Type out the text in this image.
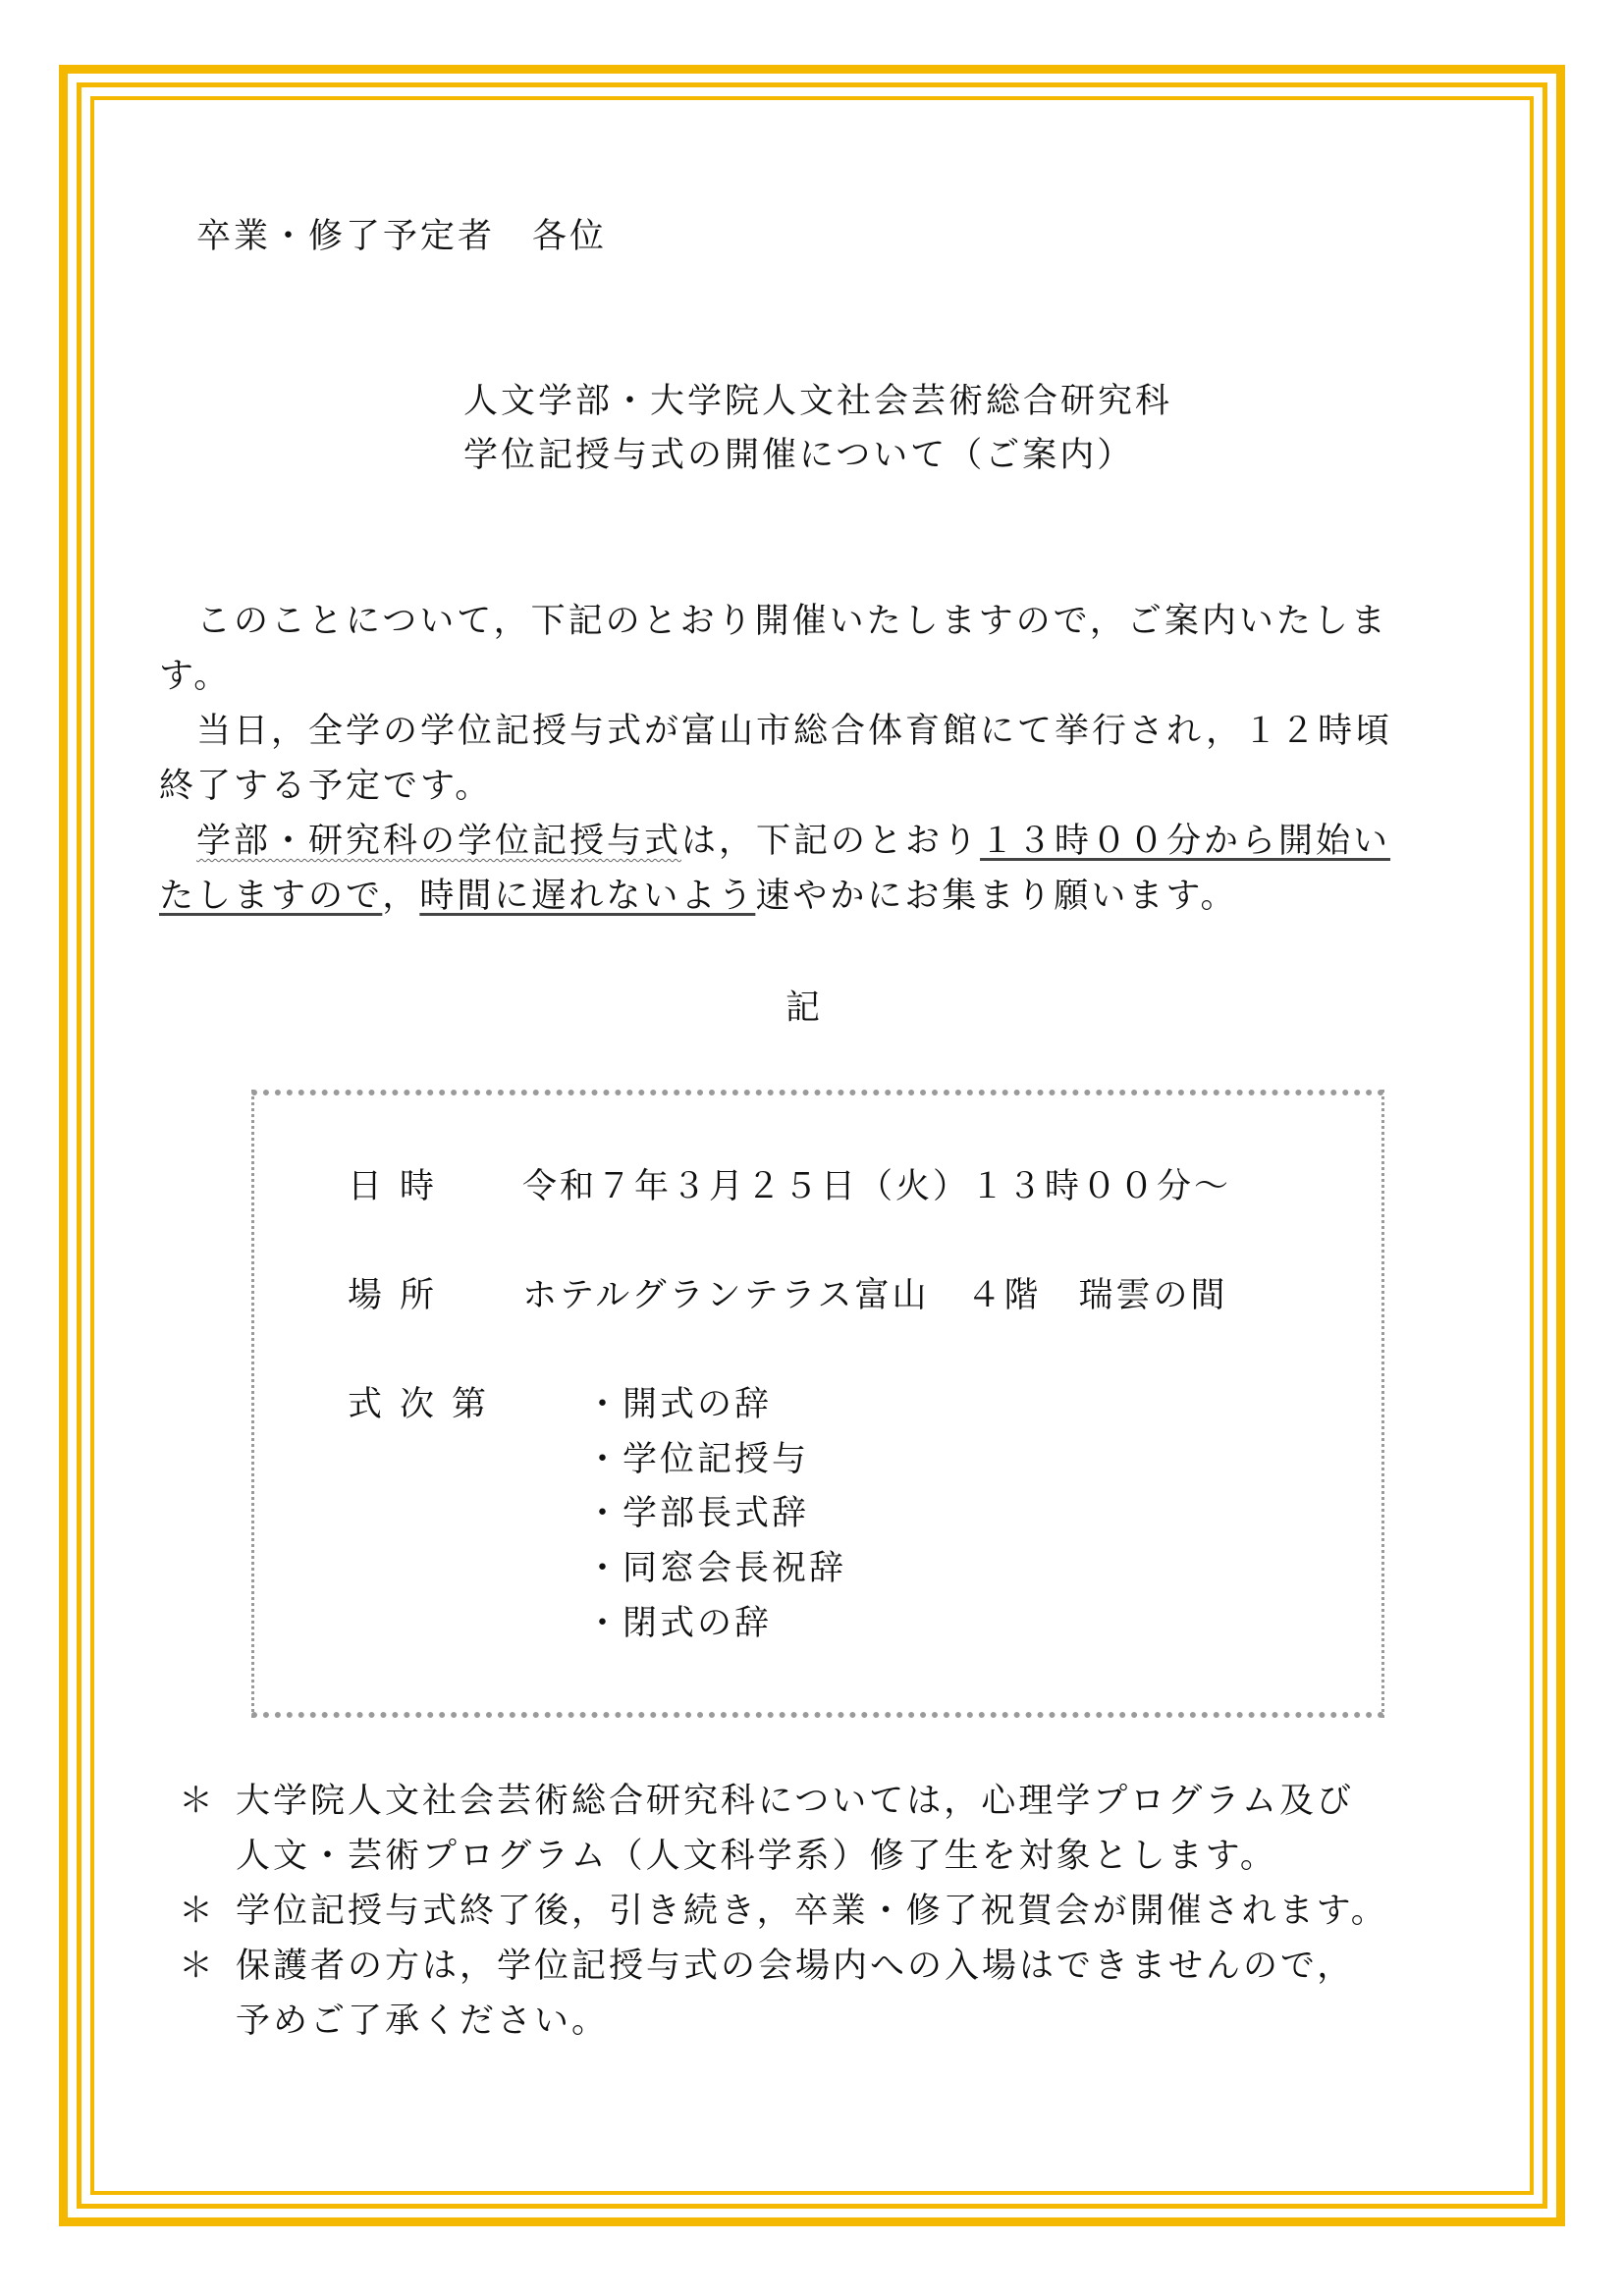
卒業・修了予定者　各位
人文学部・大学院人文社会芸術総合研究科
学位記授与式の開催について（ご案内）
このことについて，下記のとおり開催いたしますので，ご案内いたしま
す。
当日，全学の学位記授与式が富山市総合体育館にて挙行され，１２時頃
終了する予定です。
学部・研究科の学位記授与式は，下記のとおり１３時００分から開始い
たしますので，時間に遅れないよう速やかにお集まり願います。
記
日時 令和７年３月２５日（火）１３時００分～
場所 ホテルグランテラス富山　４階　瑞雲の間
式次第 ・開式の辞
・学位記授与
・学部長式辞
・同窓会長祝辞
・閉式の辞
＊ 大学院人文社会芸術総合研究科については，心理学プログラム及び
人文・芸術プログラム（人文科学系）修了生を対象とします。
＊ 学位記授与式終了後，引き続き，卒業・修了祝賀会が開催されます。
＊ 保護者の方は，学位記授与式の会場内への入場はできませんので，
予めご了承ください。
